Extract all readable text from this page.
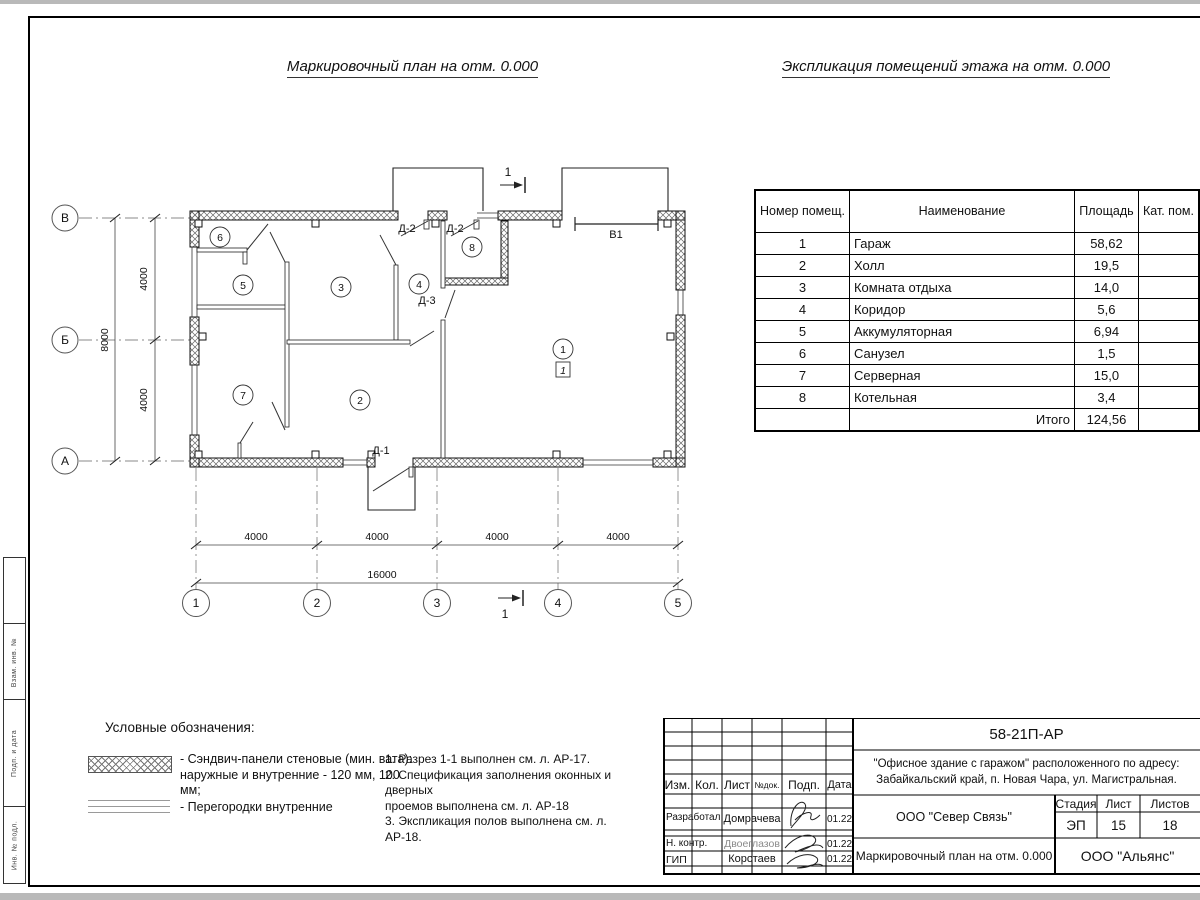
Маркировочный план на отм. 0.000	Экспликация помещений этажа на отм. 0.000
4000
4000
8000
4000	4000	4000	4000
16000
В
Б
А
1	2	3	4	5
6
5	3	4
8
1
7	2
1
Д-2	Д-2
Д-3
Д-1
В1
1
1
Номер помещ.	Наименование	Площадь	Кат. пом.
1	Гараж	58,62	
2	Холл	19,5	
3	Комната отдыха	14,0	
4	Коридор	5,6	
5	Аккумуляторная	6,94	
6	Санузел	1,5	
7	Серверная	15,0	
8	Котельная	3,4	
	Итого	124,56	
Условные обозначения:
- Сэндвич-панели стеновые (мин. вата):
наружные и внутренние - 120 мм, 100 мм;
- Перегородки внутренние
1. Разрез 1-1 выполнен см. л. АР-17.
2. Спецификация заполнения оконных и дверных
проемов выполнена см. л. АР-18
3. Экспликация полов выполнена см. л. АР-18.
Изм. Кол. Лист №док. Подп. Дата
Разработал Домрачева	01.22
Н. контр. Двоеглазов	01.22
ГИП	Коротаев	01.22
58-21П-АР
"Офисное здание с гаражом" расположенного по адресу:
Забайкальский край, п. Новая Чара, ул. Магистральная.
ООО "Север Связь"
Стадия Лист	Листов
ЭП	15	18
Маркировочный план на отм. 0.000	ООО "Альянс"
Взам. инв. №
Подп. и дата
Инв. № подл.
